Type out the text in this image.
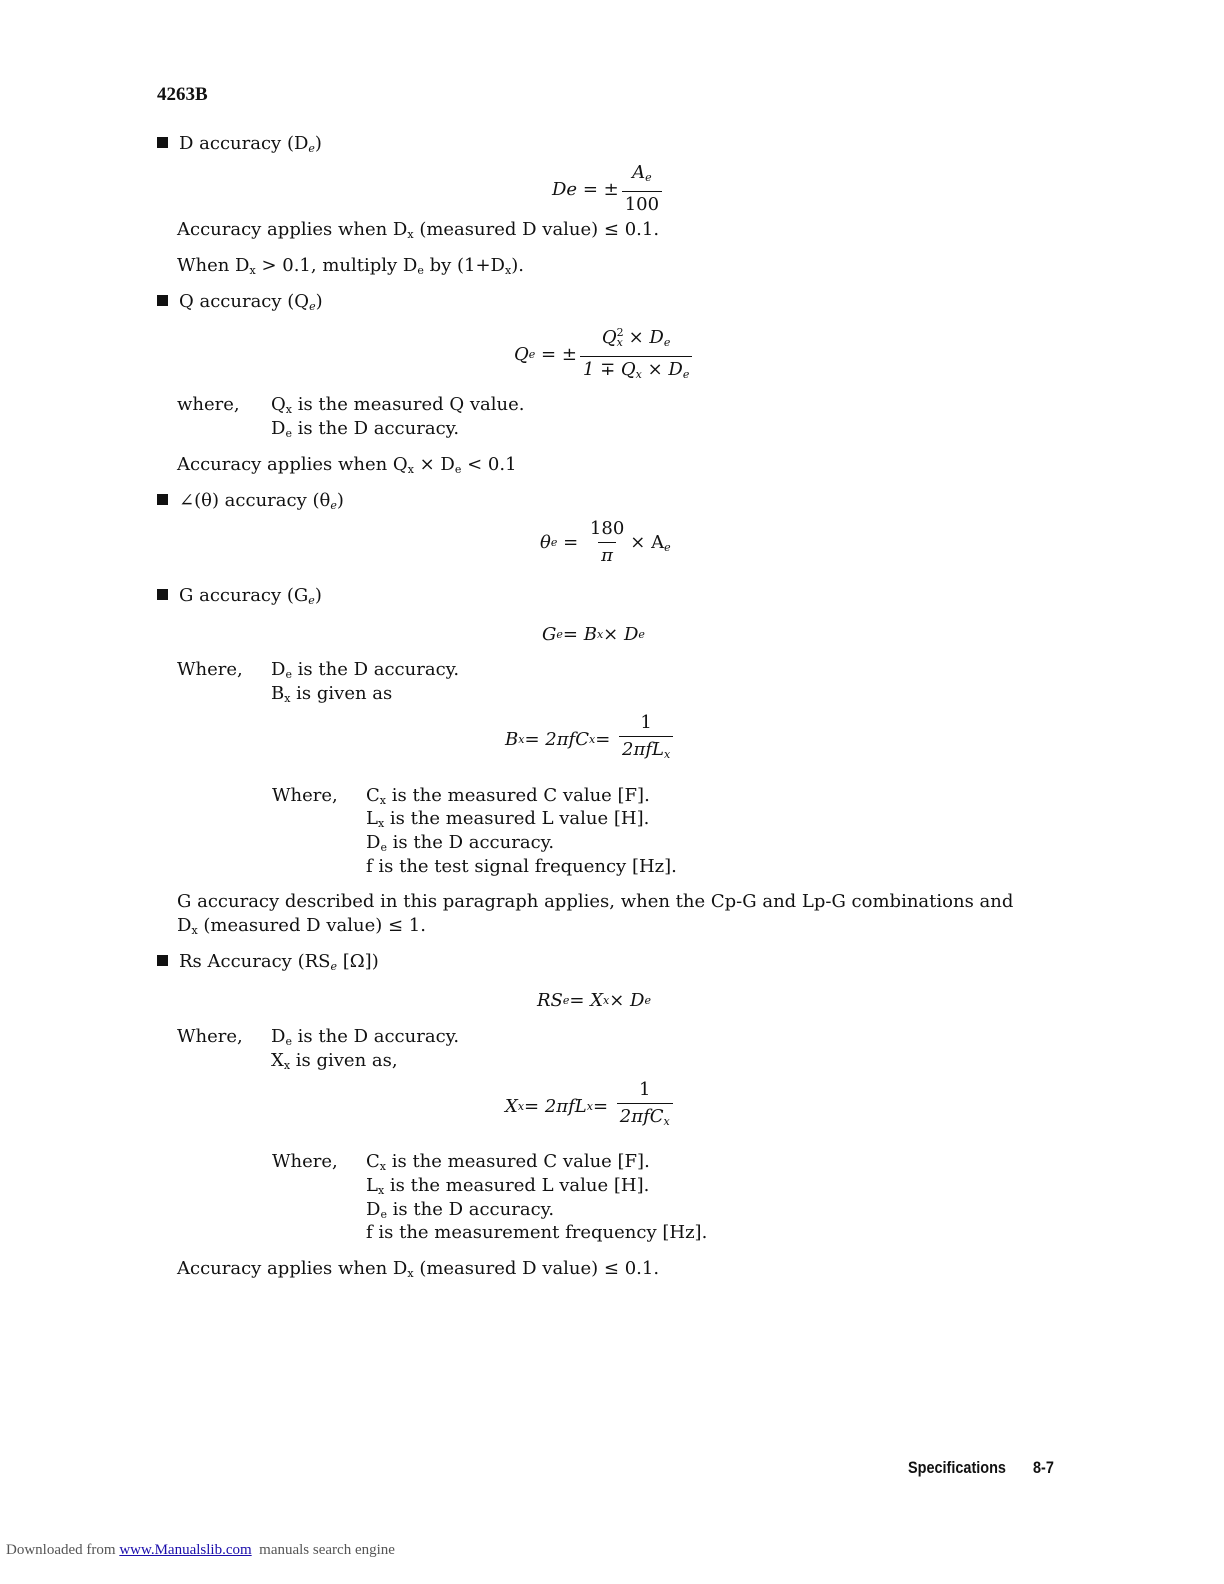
4263B
D accuracy $(D_e)$
De
= ± $\frac{A_e}{100}$
Accuracy applies when $D_x$ (measured D value) ≤ 0.1.
When $D_x > 0.1$, multiply $D_e$ by $(1+D_x)$.
Q accuracy $(Q_e)$
Q e
= ± $\frac{Q^2_x \times D_e}{1 \mp Q_x \times D_e}$
where, $Q_x$ is the measured Q value.
$D_e$ is the D accuracy.
Accuracy applies when $Q_x \times D_e < 0.1$
∠(θ) accuracy $(\theta_e)$
θ e
=
$\frac{180}{\pi} \times A_e$
G accuracy $(G_e)$
G e = B x × D e
Where, $D_e$ is the D accuracy.
$B_x$ is given as
B x = 2πfC x =
$\frac{1}{2\pi fL_x}$
Where, $C_x$ is the measured C value [F].
$L_x$ is the measured L value [H].
$D_e$ is the D accuracy.
f is the test signal frequency [Hz].
G accuracy described in this paragraph applies, when the Cp-G and Lp-G combinations and
$D_x$ (measured D value) ≤ 1.
Rs Accuracy ($RS_e$ [Ω])
RS e = X x × D e
Where, $D_e$ is the D accuracy.
$X_x$ is given as,
X x = 2πfL x =
$\frac{1}{2\pi fC_x}$
Where, $C_x$ is the measured C value [F].
$L_x$ is the measured L value [H].
$D_e$ is the D accuracy.
f is the measurement frequency [Hz].
Accuracy applies when $D_x$ (measured D value) ≤ 0.1.
Specifications 8-7
Downloaded from www.Manualslib.com  manuals search engine
